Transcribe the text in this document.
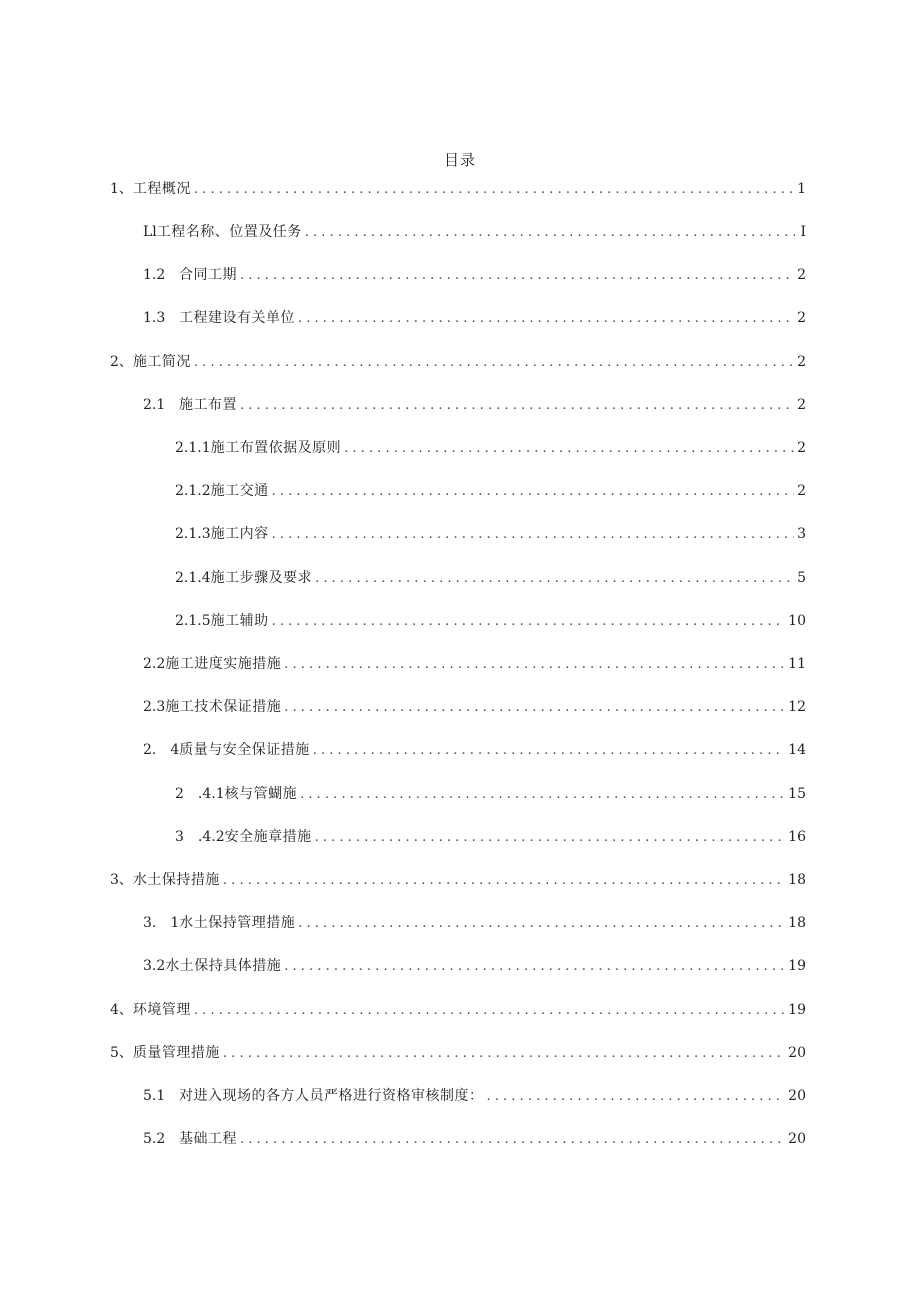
目录
1、 工程概况 . . .	1
Ll 工程名称、位置及任务 . . .	I
1.2 合同工期 . . .	2
1.3 工程建设有关单位 . . .	2
2、 施工简况 . . .	2
2.1 施工布置 . . .	2
2.1.1 施工布置依据及原则 . . .	2
2.1.2 施工交通 . . .	2
2.1.3 施工内容 . . .	3
2.1.4 施工步骤及要求 . . .	5
2.1.5 施工辅助 . . .	10
2.2 施工进度实施措施 . . .	11
2.3 施工技术保证措施 . . .	12
2.　4 质量与安全保证措施 . . .	14
2　.4.1 核与管蝴施 . . .	15
3　.4.2 安全施章措施 . . .	16
3、 水土保持措施 . . .	18
3.　1 水土保持管理措施 . . .	18
3.2 水土保持具体措施 . . .	19
4、 环境管理 . . .	19
5、 质量管理措施 . . .	20
5.1 对进入现场的各方人员严格进行资格审核制度： . . .	20
5.2 基础工程 . . .	20
